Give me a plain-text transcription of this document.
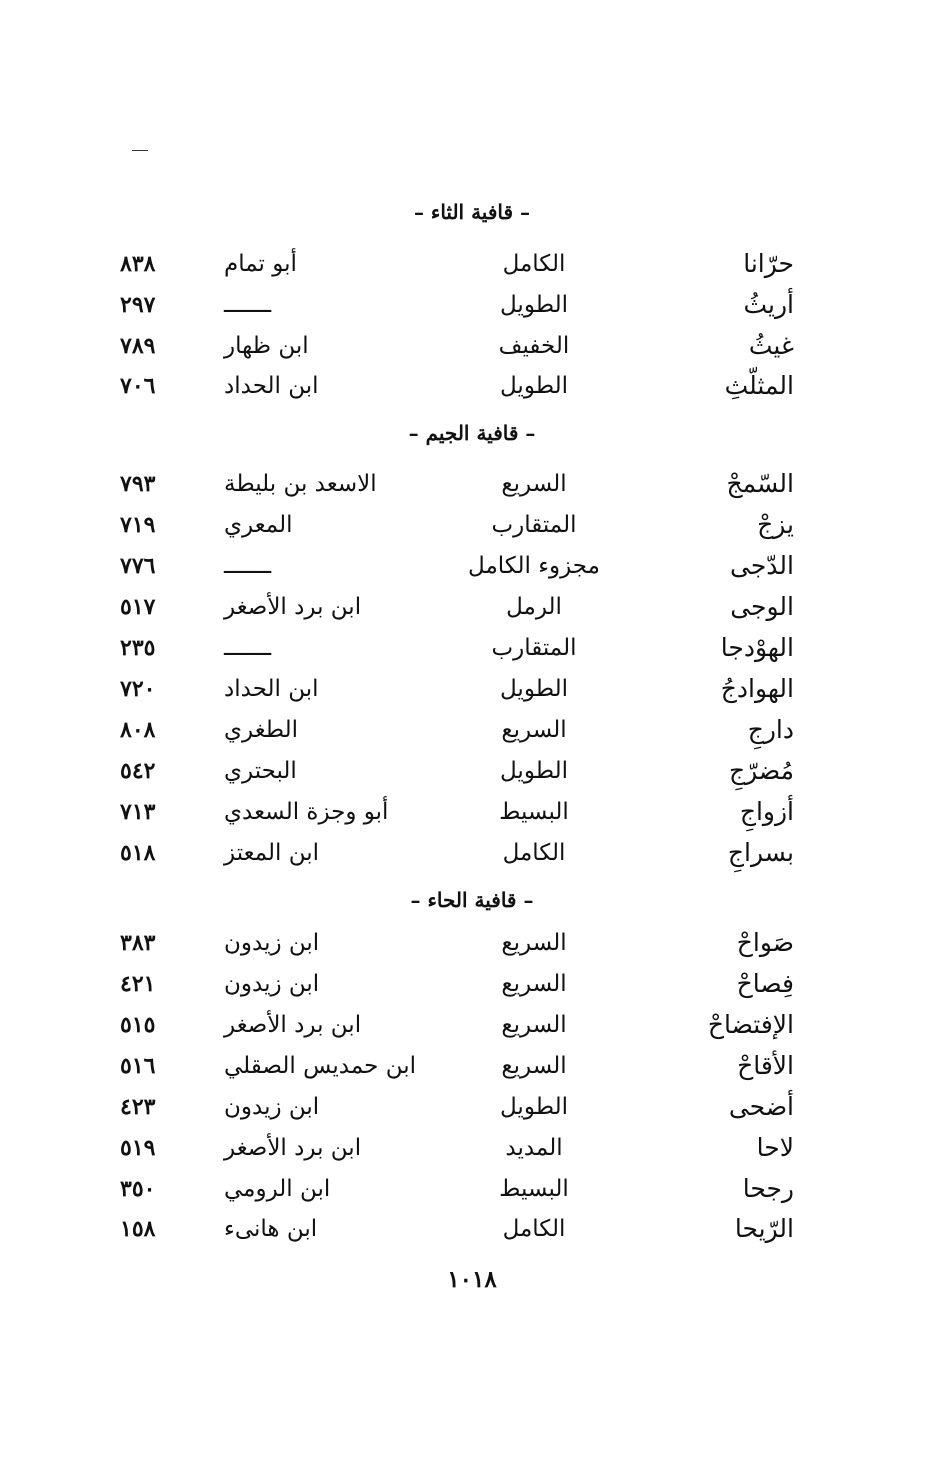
– قافية الثاء –
حرّانا
الكامل
أبو تمام
٨٣٨
أريثُ
الطويل
ـــــــ
٢٩٧
غيثُ
الخفيف
ابن ظهار
٧٨٩
المثلّثِ
الطويل
ابن الحداد
٧٠٦
– قافية الجيم –
السّمجْ
السريع
الاسعد بن بليطة
٧٩٣
يزجْ
المتقارب
المعري
٧١٩
الدّجى
مجزوء الكامل
ـــــــ
٧٧٦
الوجى
الرمل
ابن برد الأصغر
٥١٧
الهوْدجا
المتقارب
ـــــــ
٢٣٥
الهوادجُ
الطويل
ابن الحداد
٧٢٠
دارجِ
السريع
الطغري
٨٠٨
مُضرّجِ
الطويل
البحتري
٥٤٢
أزواجِ
البسيط
أبو وجزة السعدي
٧١٣
بسراجِ
الكامل
ابن المعتز
٥١٨
– قافية الحاء –
صَواحْ
السريع
ابن زيدون
٣٨٣
فِصاحْ
السريع
ابن زيدون
٤٢١
الإفتضاحْ
السريع
ابن برد الأصغر
٥١٥
الأقاحْ
السريع
ابن حمديس الصقلي
٥١٦
أضحى
الطويل
ابن زيدون
٤٢٣
لاحا
المديد
ابن برد الأصغر
٥١٩
رجحا
البسيط
ابن الرومي
٣٥٠
الرّيحا
الكامل
ابن هانىء
١٥٨
١٠١٨
